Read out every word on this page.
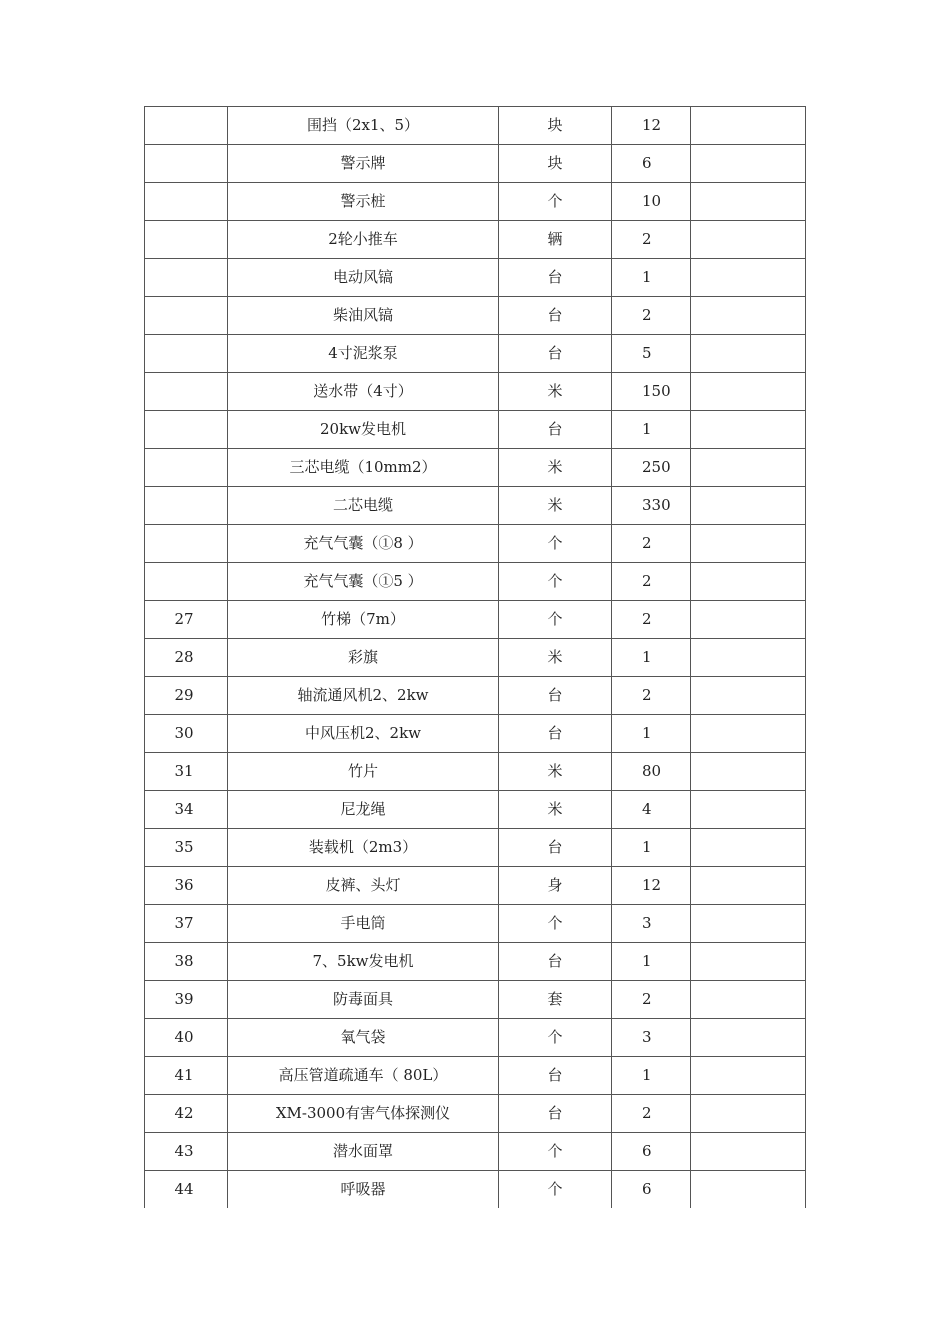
	围挡（2x1、5）	块	12	
	警示牌	块	6	
	警示桩	个	10	
	2轮小推车	辆	2	
	电动风镐	台	1	
	柴油风镐	台	2	
	4寸泥浆泵	台	5	
	送水带（4寸）	米	150	
	20kw发电机	台	1	
	三芯电缆（10mm2）	米	250	
	二芯电缆	米	330	
	充气气囊（①8 ）	个	2	
	充气气囊（①5 ）	个	2	
27	竹梯（7m）	个	2	
28	彩旗	米	1	
29	轴流通风机2、2kw	台	2	
30	中风压机2、2kw	台	1	
31	竹片	米	80	
34	尼龙绳	米	4	
35	装载机（2m3）	台	1	
36	皮裤、头灯	身	12	
37	手电筒	个	3	
38	7、5kw发电机	台	1	
39	防毒面具	套	2	
40	氧气袋	个	3	
41	高压管道疏通车（ 80L）	台	1	
42	XM-3000有害气体探测仪	台	2	
43	潜水面罩	个	6	
44	呼吸器	个	6	
